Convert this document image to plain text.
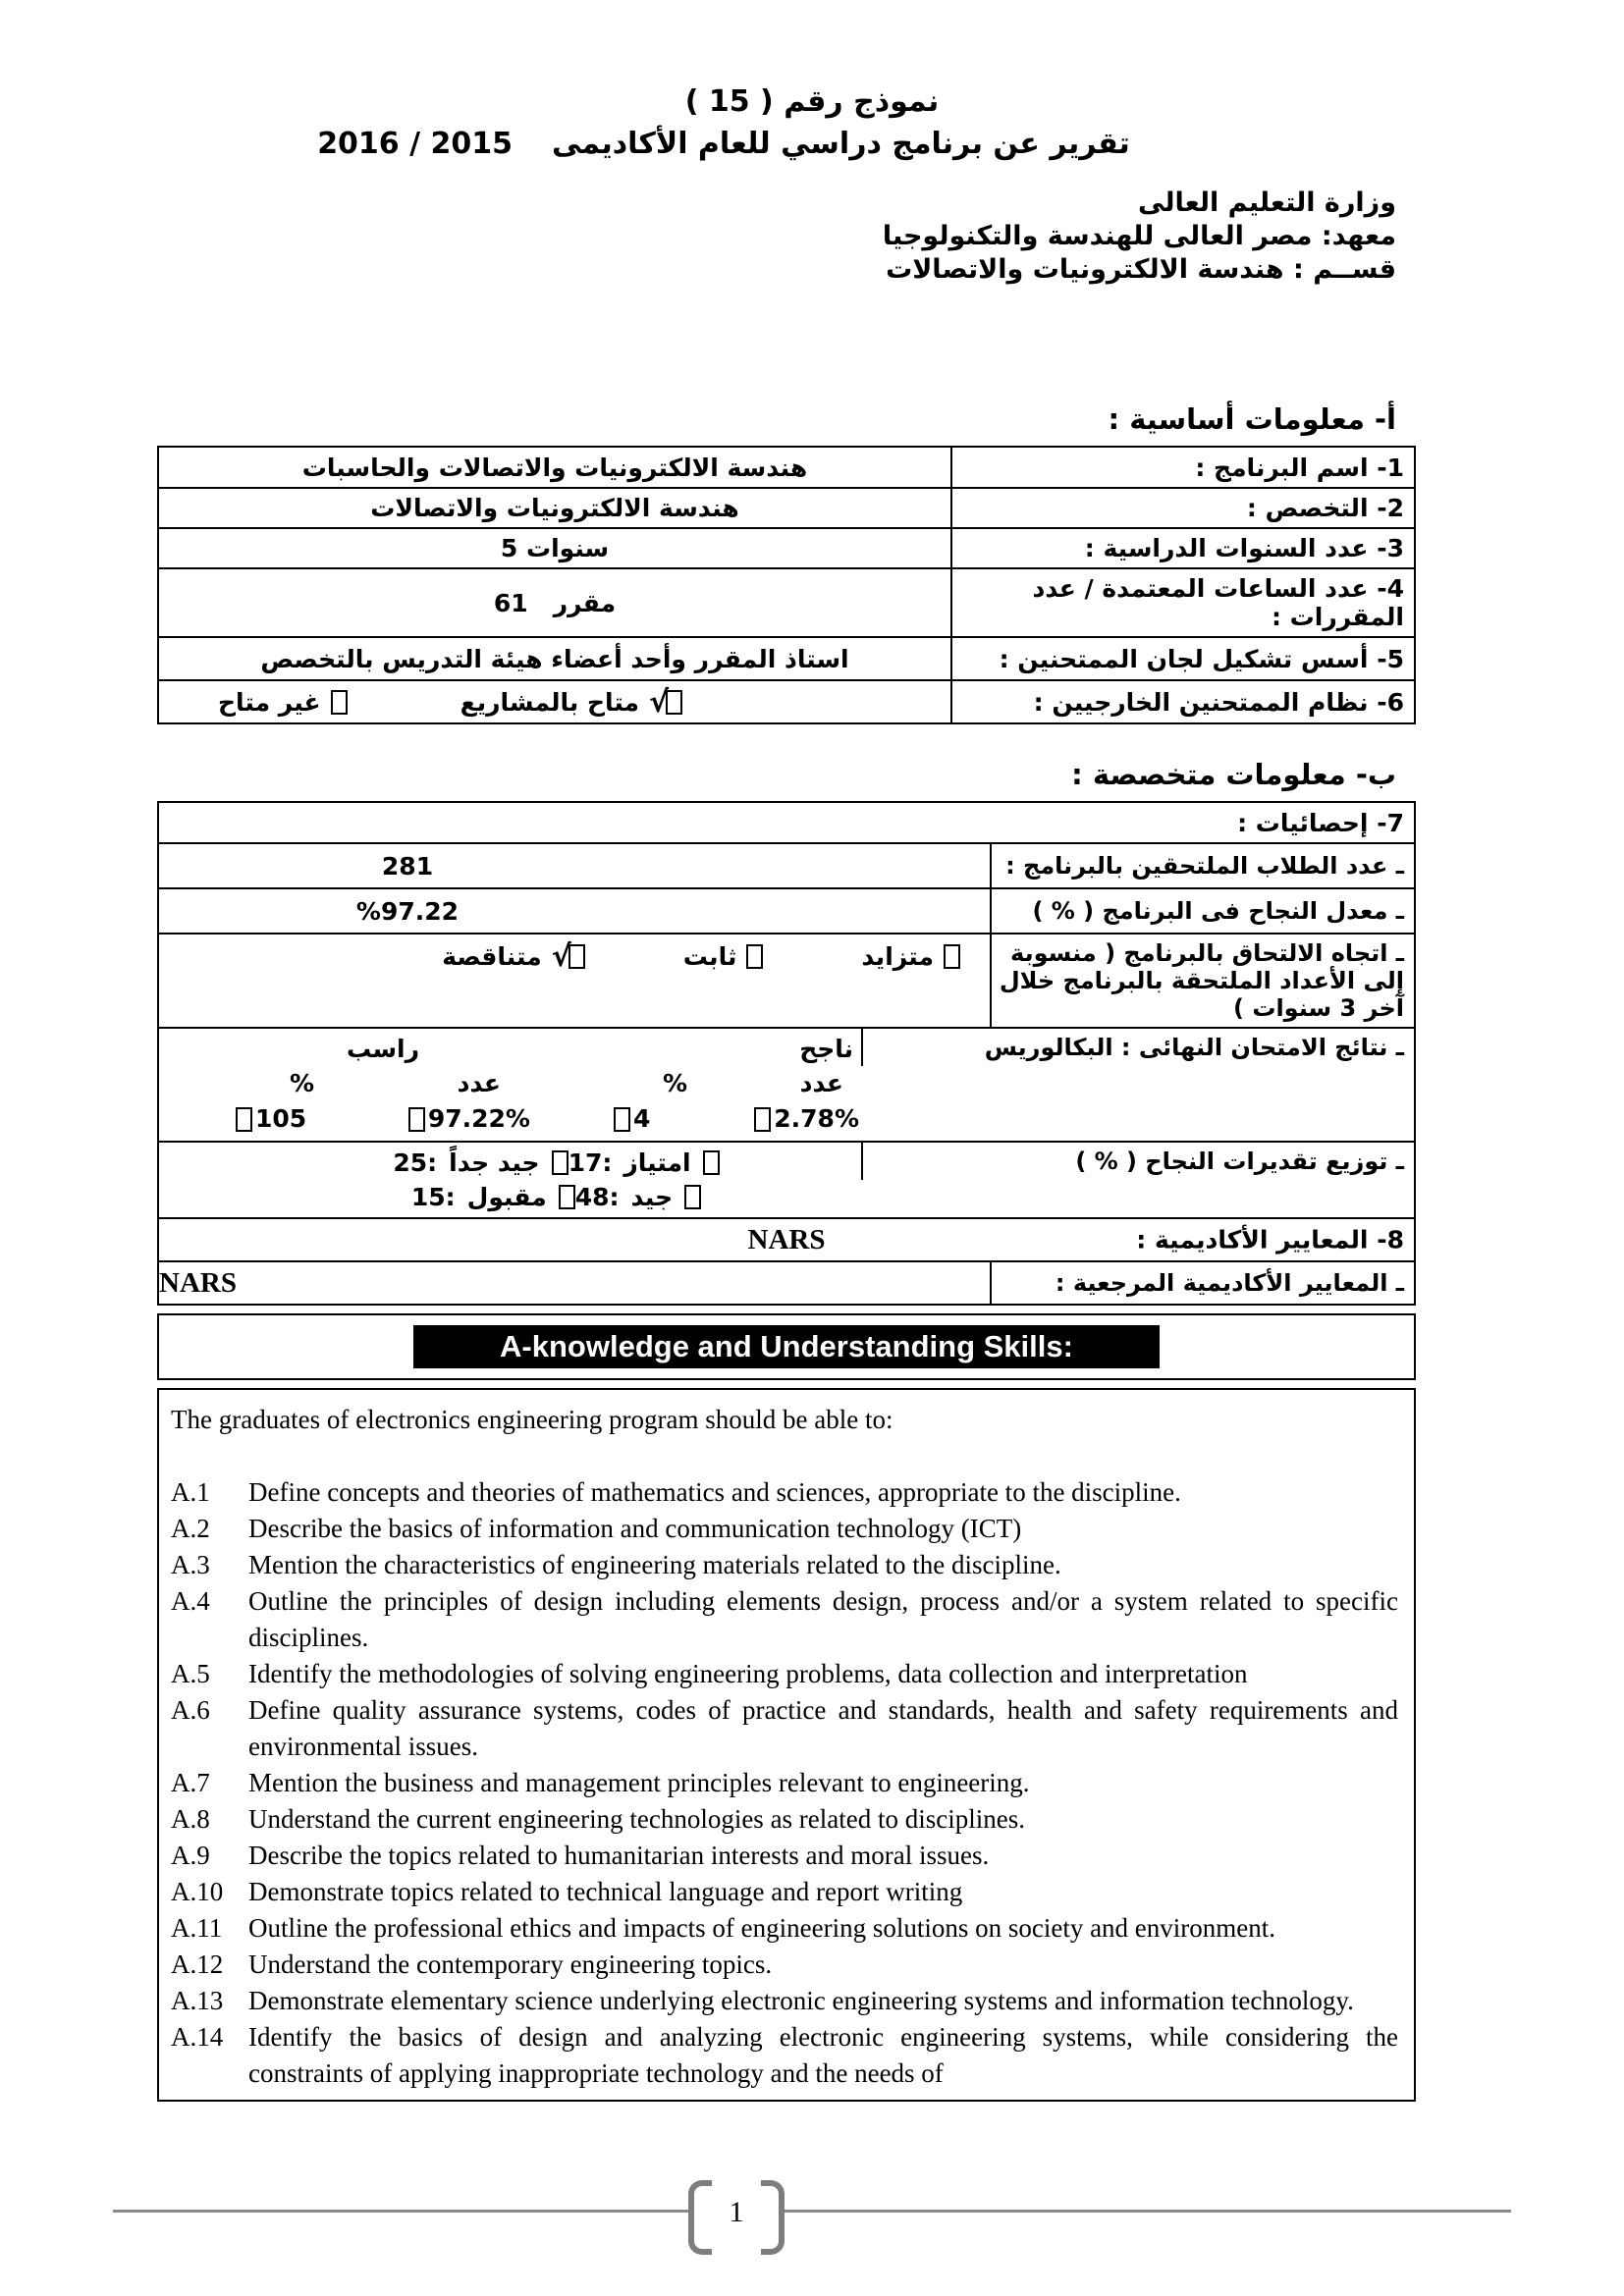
نموذج رقم ( 15 )
2016 / 2015 تقرير عن برنامج دراسي للعام الأكاديمى
وزارة التعليم العالى
معهد: مصر العالى للهندسة والتكنولوجيا
قســم : هندسة الالكترونيات والاتصالات
أ- معلومات أساسية :
هندسة الالكترونيات والاتصالات والحاسبات	1- اسم البرنامج :
هندسة الالكترونيات والاتصالات	2- التخصص :
5 سنوات	3- عدد السنوات الدراسية :
61   مقرر	4- عدد الساعات المعتمدة / عدد المقررات :
استاذ المقرر وأحد أعضاء هيئة التدريس بالتخصص	5- أسس تشكيل لجان الممتحنين :
غير متاح	متاح بالمشاريع √	6- نظام الممتحنين الخارجيين :
ب- معلومات متخصصة :
7- إحصائيات :
281	ـ عدد الطلاب الملتحقين بالبرنامج :
%97.22	ـ معدل النجاح فى البرنامج ( % )
متناقصة √	ثابت	متزايد	ـ اتجاه الالتحاق بالبرنامج ( منسوبة إلى الأعداد الملتحقة بالبرنامج خلال آخر 3 سنوات )
راسب
%	عدد
105	97.22%
ناجح
%	عدد
4	2.78%
ـ نتائج الامتحان النهائى : البكالوريس
25: جيد جداً 17: امتياز
15: مقبول 48: جيد
ـ توزيع تقديرات النجاح ( % )
NARS	8- المعايير الأكاديمية :
NARS	ـ المعايير الأكاديمية المرجعية :
A-knowledge and Understanding Skills:

The graduates of electronics engineering program should be able to:

A.1	Define concepts and theories of mathematics and sciences, appropriate to the discipline.
A.2	Describe the basics of information and communication technology (ICT)
A.3	Mention the characteristics of engineering materials related to the discipline.
A.4	Outline the principles of design including elements design, process and/or a system related to specific disciplines.
A.5	Identify the methodologies of solving engineering problems, data collection and interpretation
A.6	Define quality assurance systems, codes of practice and standards, health and safety requirements and environmental issues.
A.7	Mention the business and management principles relevant to engineering.
A.8	Understand the current engineering technologies as related to disciplines.
A.9	Describe the topics related to humanitarian interests and moral issues.
A.10 Demonstrate topics related to technical language and report writing
A.11 Outline the professional ethics and impacts of engineering solutions on society and environment.
A.12 Understand the contemporary engineering topics.
A.13 Demonstrate elementary science underlying electronic engineering systems and information technology.
A.14 Identify the basics of design and analyzing electronic engineering systems, while considering the constraints of applying inappropriate technology and the needs of
1
